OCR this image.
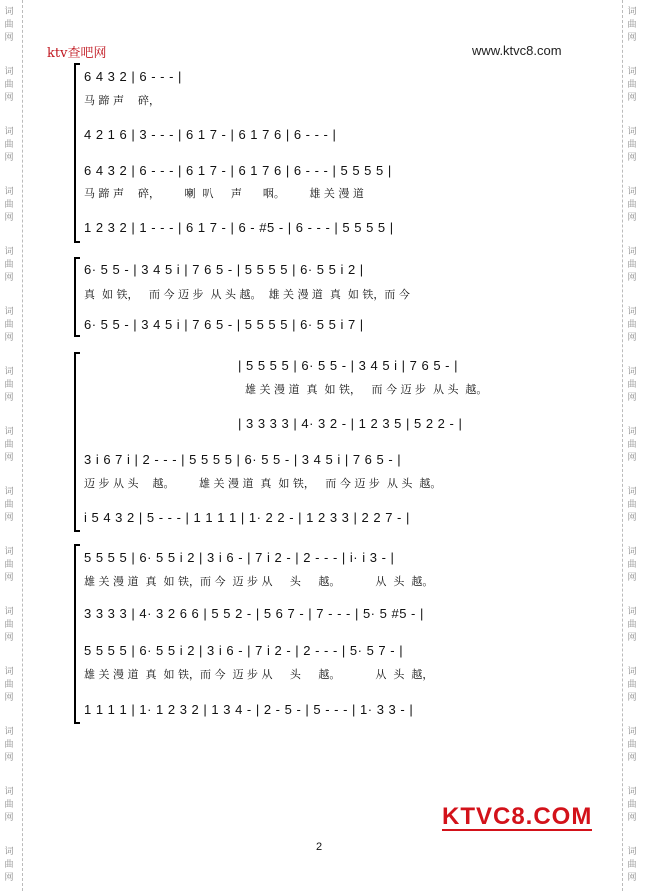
词
曲
网
词
曲
网
词
曲
网
词
曲
网
词
曲
网
词
曲
网
词
曲
网
词
曲
网
词
曲
网
词
曲
网
词
曲
网
词
曲
网
词
曲
网
词
曲
网
词
曲
网
词
曲
网
词
曲
网
词
曲
网
词
曲
网
词
曲
网
词
曲
网
词
曲
网
词
曲
网
词
曲
网
词
曲
网
词
曲
网
词
曲
网
词
曲
网
词
曲
网
词
曲
网
ktv查吧网	www.ktvc8.com
6 4 3 2 | 6 - - - |
马 蹄 声    碎，
4 2 1 6 | 3 - - - | 6 1 7 - | 6 1 7 6 | 6 - - - |
6 4 3 2 | 6 - - - | 6 1 7 - | 6 1 7 6 | 6 - - - | 5 5 5 5 |
马 蹄 声    碎，       喇  叭     声      咽。       雄 关 漫 道
1 2 3 2 | 1 - - - | 6 1 7 - | 6 - #5 - | 6 - - - | 5 5 5 5 |
6· 5 5 - | 3 4 5 i | 7 6 5 - | 5 5 5 5 | 6· 5 5 i 2 |
真  如 铁，   而 今 迈 步  从 头 越。  雄 关 漫 道  真  如 铁，而 今
6· 5 5 - | 3 4 5 i | 7 6 5 - | 5 5 5 5 | 6· 5 5 i 7 |
| 5 5 5 5 | 6· 5 5 - | 3 4 5 i | 7 6 5 - |
雄 关 漫 道  真  如 铁，   而 今 迈 步  从 头  越。
| 3 3 3 3 | 4· 3 2 - | 1 2 3 5 | 5 2 2 - |
3 i 6 7 i | 2 - - - | 5 5 5 5 | 6· 5 5 - | 3 4 5 i | 7 6 5 - |
迈 步 从 头    越。       雄 关 漫 道  真  如 铁，   而 今 迈 步  从 头  越。
i 5 4 3 2 | 5 - - - | 1 1 1 1 | 1· 2 2 - | 1 2 3 3 | 2 2 7 - |
5 5 5 5 | 6· 5 5 i 2 | 3 i 6 - | 7 i 2 - | 2 - - - | i· i 3 - |
雄 关 漫 道  真  如 铁，而 今  迈 步 从     头     越。          从  头  越。
3 3 3 3 | 4· 3 2 6 6 | 5 5 2 - | 5 6 7 - | 7 - - - | 5· 5 #5 - |
5 5 5 5 | 6· 5 5 i 2 | 3 i 6 - | 7 i 2 - | 2 - - - | 5· 5 7 - |
雄 关 漫 道  真  如 铁，而 今  迈 步 从     头     越。          从  头  越，
1 1 1 1 | 1· 1 2 3 2 | 1 3 4 - | 2 - 5 - | 5 - - - | 1· 3 3 - |
KTVC8.COM
2
